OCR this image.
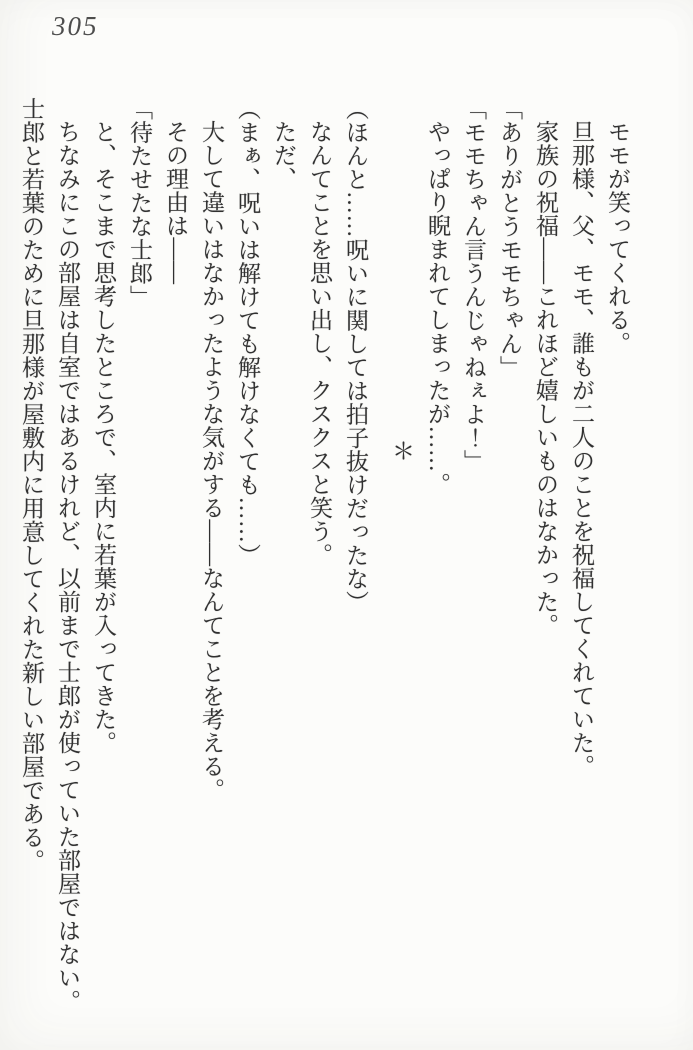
305

モモが笑ってくれる。

旦那様、父、モモ、誰もが二人のことを祝福してくれていた。

家族の祝福――これほど嬉しいものはなかった。

「ありがとうモモちゃん」

「モモちゃん言うんじゃねぇよ！」

やっぱり睨まれてしまったが……。

＊

（ほんと……呪いに関しては拍子抜けだったな）

なんてことを思い出し、クスクスと笑う。

ただ、

（まぁ、呪いは解けても解けなくても……）

大して違いはなかったような気がする――なんてことを考える。

その理由は――

「待たせたな士郎」

と、そこまで思考したところで、室内に若葉が入ってきた。

ちなみにこの部屋は自室ではあるけれど、以前まで士郎が使っていた部屋ではない。士郎と若葉のために旦那様が屋敷内に用意してくれた新しい部屋である。
